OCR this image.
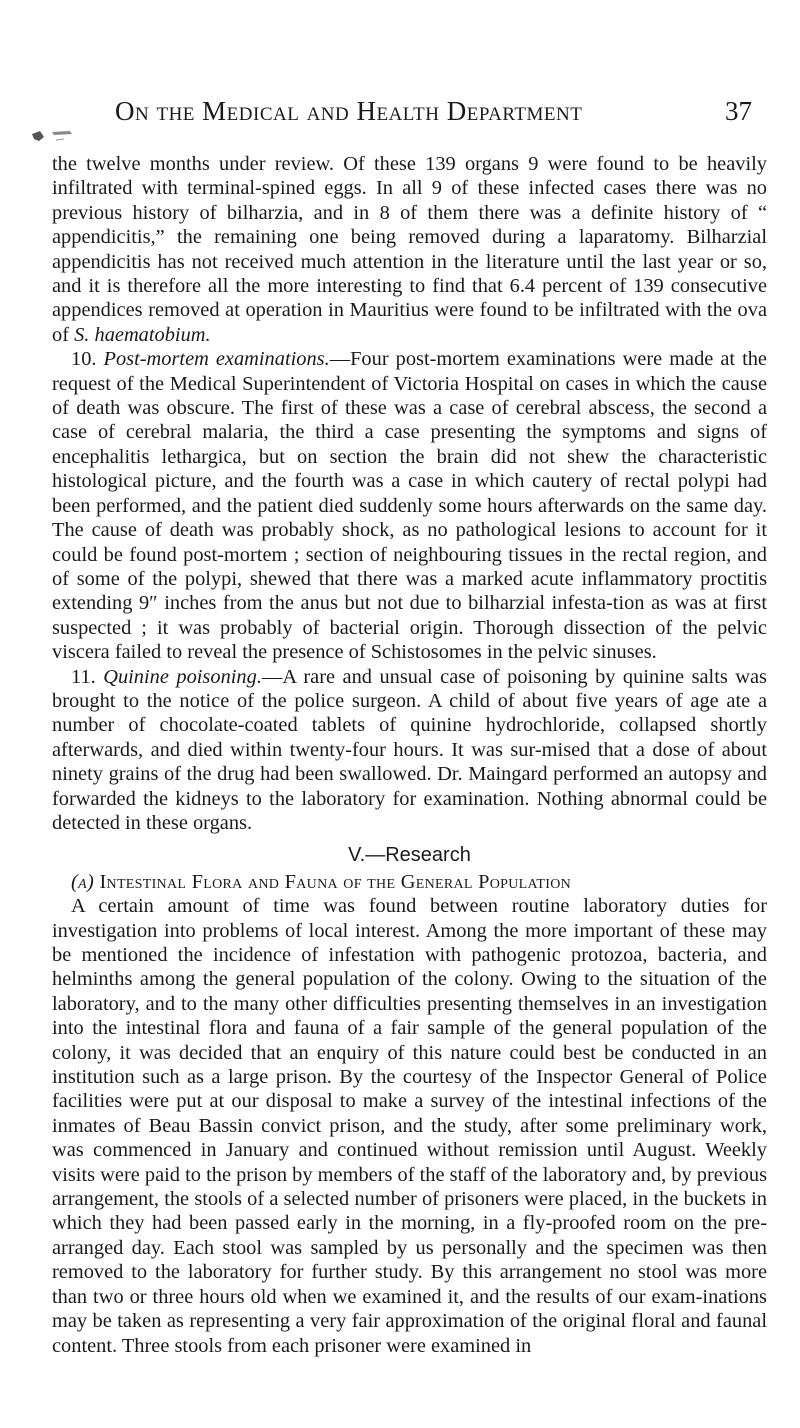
On the Medical and Health Department	37

the twelve months under review. Of these 139 organs 9 were found to be heavily infiltrated with terminal-spined eggs. In all 9 of these infected cases there was no previous history of bilharzia, and in 8 of them there was a definite history of “ appendicitis,” the remaining one being removed during a laparatomy. Bilharzial appendicitis has not received much attention in the literature until the last year or so, and it is therefore all the more interesting to find that 6.4 percent of 139 consecutive appendices removed at operation in Mauritius were found to be infiltrated with the ova of S. haematobium.

10. Post-mortem examinations.—Four post-mortem examinations were made at the request of the Medical Superintendent of Victoria Hospital on cases in which the cause of death was obscure. The first of these was a case of cerebral abscess, the second a case of cerebral malaria, the third a case presenting the symptoms and signs of encephalitis lethargica, but on section the brain did not shew the characteristic histological picture, and the fourth was a case in which cautery of rectal polypi had been performed, and the patient died suddenly some hours afterwards on the same day. The cause of death was probably shock, as no pathological lesions to account for it could be found post-mortem ; section of neighbouring tissues in the rectal region, and of some of the polypi, shewed that there was a marked acute inflammatory proctitis extending 9″ inches from the anus but not due to bilharzial infesta-tion as was at first suspected ; it was probably of bacterial origin. Thorough dissection of the pelvic viscera failed to reveal the presence of Schistosomes in the pelvic sinuses.

11. Quinine poisoning.—A rare and unsual case of poisoning by quinine salts was brought to the notice of the police surgeon. A child of about five years of age ate a number of chocolate-coated tablets of quinine hydrochloride, collapsed shortly afterwards, and died within twenty-four hours. It was sur-mised that a dose of about ninety grains of the drug had been swallowed. Dr. Maingard performed an autopsy and forwarded the kidneys to the laboratory for examination. Nothing abnormal could be detected in these organs.

V.—Research

(a) Intestinal Flora and Fauna of the General Population

A certain amount of time was found between routine laboratory duties for investigation into problems of local interest. Among the more important of these may be mentioned the incidence of infestation with pathogenic protozoa, bacteria, and helminths among the general population of the colony. Owing to the situation of the laboratory, and to the many other difficulties presenting themselves in an investigation into the intestinal flora and fauna of a fair sample of the general population of the colony, it was decided that an enquiry of this nature could best be conducted in an institution such as a large prison. By the courtesy of the Inspector General of Police facilities were put at our disposal to make a survey of the intestinal infections of the inmates of Beau Bassin convict prison, and the study, after some preliminary work, was commenced in January and continued without remission until August. Weekly visits were paid to the prison by members of the staff of the laboratory and, by previous arrangement, the stools of a selected number of prisoners were placed, in the buckets in which they had been passed early in the morning, in a fly-proofed room on the pre-arranged day. Each stool was sampled by us personally and the specimen was then removed to the laboratory for further study. By this arrangement no stool was more than two or three hours old when we examined it, and the results of our exam-inations may be taken as representing a very fair approximation of the original floral and faunal content. Three stools from each prisoner were examined in
